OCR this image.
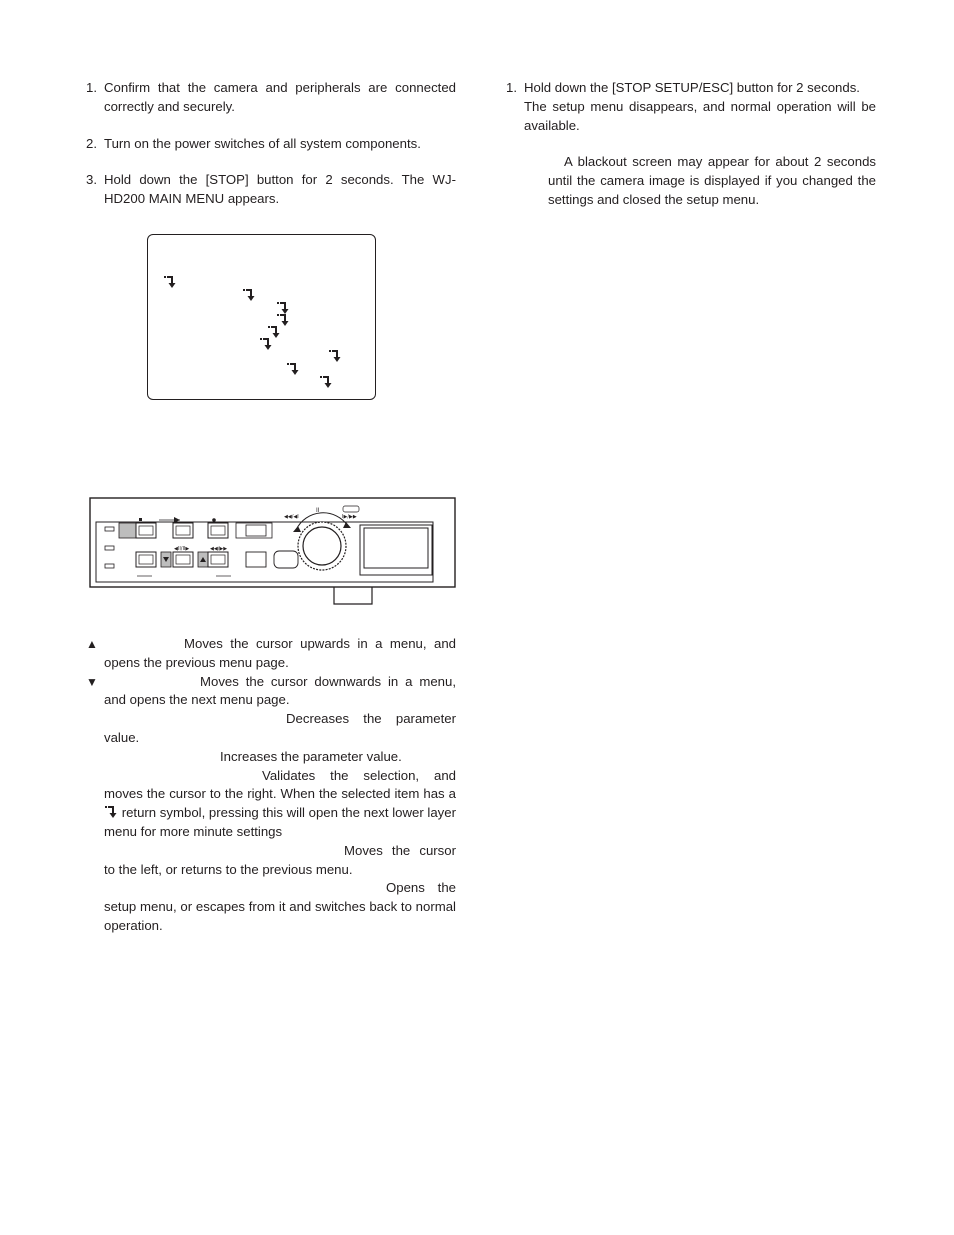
1. Confirm that the camera and peripherals are connected correctly and securely.
2. Turn on the power switches of all system components.
3. Hold down the [STOP] button for 2 seconds. The WJ-HD200 MAIN MENU appears.
◀II/II▶	◀◀/▶▶
◀◀/◀I
II
I▶/▶▶
▲	Moves the cursor upwards in a menu, and opens the previous menu page.
▼	Moves the cursor downwards in a menu, and opens the next menu page.
Decreases the parameter value.
Increases the parameter value.
Validates the selection, and moves the cursor to the right. When the selected item has a  return symbol, pressing this will open the next lower layer menu for more minute settings
Moves the cursor to the left, or returns to the previous menu.
Opens the setup menu, or escapes from it and switches back to normal operation.
1. Hold down the [STOP SETUP/ESC] button for 2 seconds.
The setup menu disappears, and normal operation will be available.
A blackout screen may appear for about 2 seconds until the camera image is displayed if you changed the settings and closed the setup menu.
